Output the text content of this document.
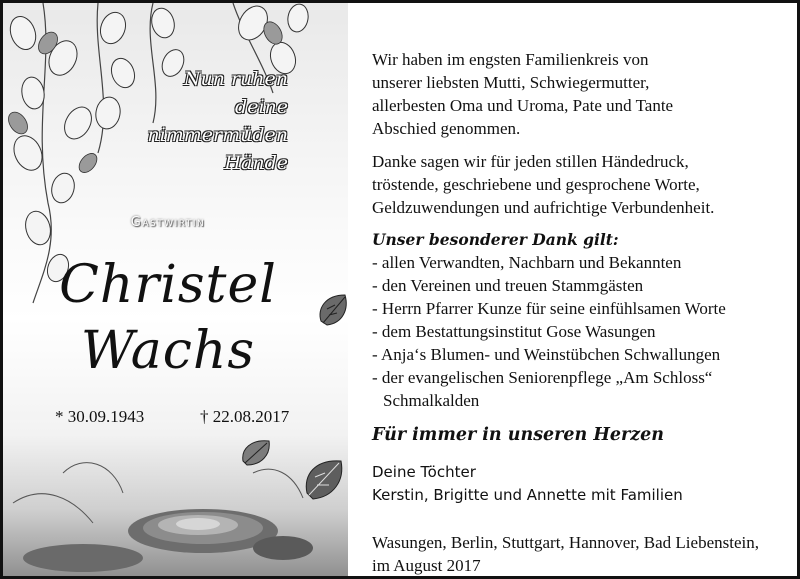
Nun ruhen
deine
nimmermüden
Hände
Gastwirtin
Christel
Wachs
* 30.09.1943	† 22.08.2017
Wir haben im engsten Familienkreis von
unserer liebsten Mutti, Schwiegermutter,
allerbesten Oma und Uroma, Pate und Tante
Abschied genommen.
Danke sagen wir für jeden stillen Händedruck,
tröstende, geschriebene und gesprochene Worte,
Geldzuwendungen und aufrichtige Verbundenheit.
Unser besonderer Dank gilt:
- allen Verwandten, Nachbarn und Bekannten
- den Vereinen und treuen Stammgästen
- Herrn Pfarrer Kunze für seine einfühlsamen Worte
- dem Bestattungsinstitut Gose Wasungen
- Anja‘s Blumen- und Weinstübchen Schwallungen
- der evangelischen Seniorenpflege „Am Schloss“
Schmalkalden
Für immer in unseren Herzen
Deine Töchter
Kerstin, Brigitte und Annette mit Familien
Wasungen, Berlin, Stuttgart, Hannover, Bad Liebenstein,
im August 2017
